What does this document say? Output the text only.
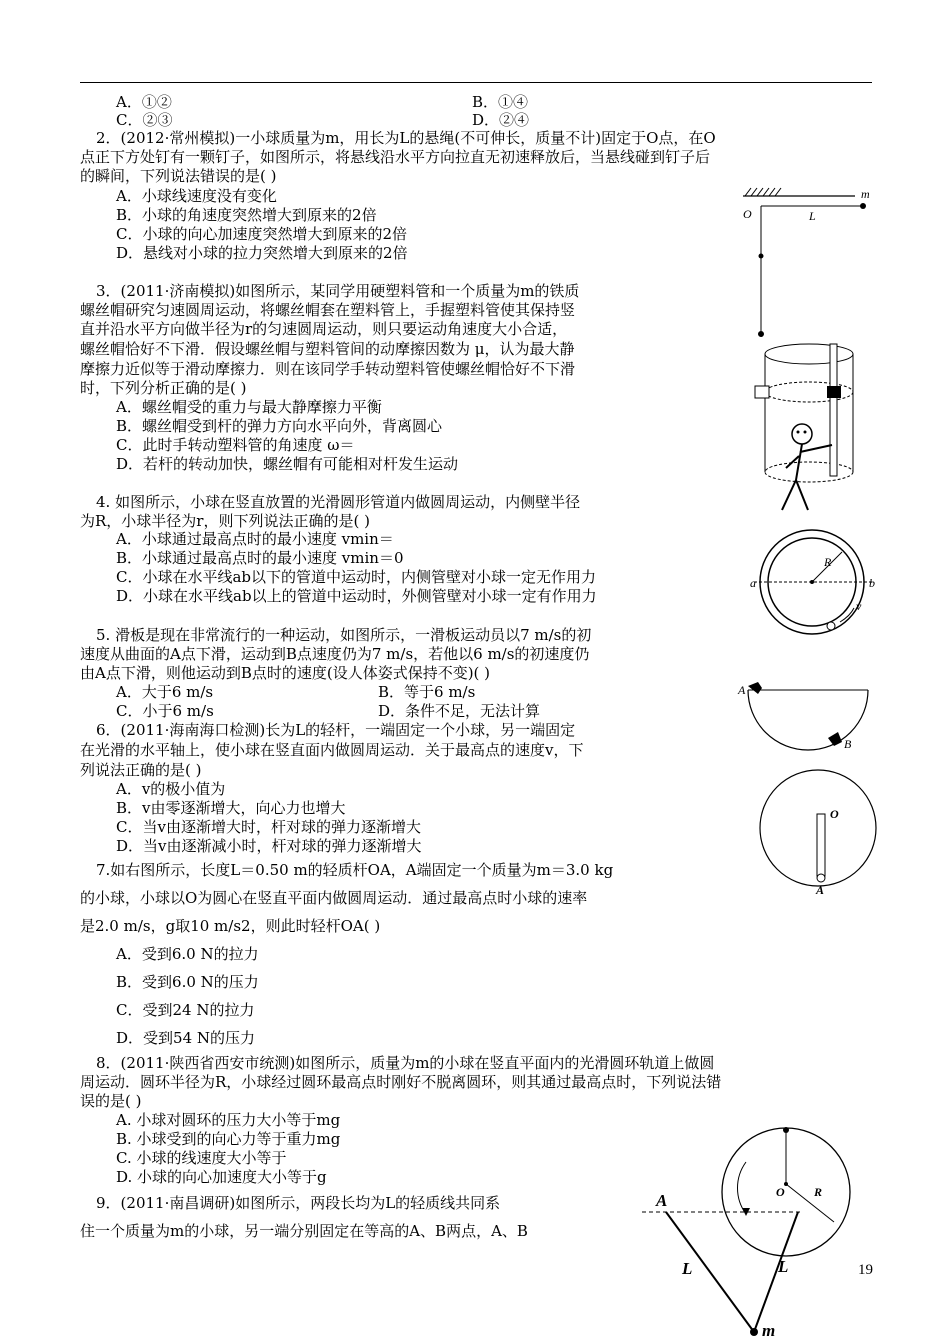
A．①②	B．①④
C．②③	D．②④
2．(2012·常州模拟)一小球质量为m，用长为L的悬绳(不可伸长，质量不计)固定于O点，在O
点正下方处钉有一颗钉子，如图所示，将悬线沿水平方向拉直无初速释放后，当悬线碰到钉子后
的瞬间，下列说法错误的是( )
A．小球线速度没有变化
B．小球的角速度突然增大到原来的2倍
C．小球的向心加速度突然增大到原来的2倍
D．悬线对小球的拉力突然增大到原来的2倍
O	L
m
3．(2011·济南模拟)如图所示，某同学用硬塑料管和一个质量为m的铁质
螺丝帽研究匀速圆周运动，将螺丝帽套在塑料管上，手握塑料管使其保持竖
直并沿水平方向做半径为r的匀速圆周运动，则只要运动角速度大小合适，
螺丝帽恰好不下滑．假设螺丝帽与塑料管间的动摩擦因数为 μ，认为最大静
摩擦力近似等于滑动摩擦力．则在该同学手转动塑料管使螺丝帽恰好不下滑
时，下列分析正确的是( )
A．螺丝帽受的重力与最大静摩擦力平衡
B．螺丝帽受到杆的弹力方向水平向外，背离圆心
C．此时手转动塑料管的角速度 ω＝
D．若杆的转动加快，螺丝帽有可能相对杆发生运动
4. 如图所示，小球在竖直放置的光滑圆形管道内做圆周运动，内侧壁半径
为R，小球半径为r，则下列说法正确的是( )
A．小球通过最高点时的最小速度 vmin＝
B．小球通过最高点时的最小速度 vmin＝0
C．小球在水平线ab以下的管道中运动时，内侧管壁对小球一定无作用力
D．小球在水平线ab以上的管道中运动时，外侧管壁对小球一定有作用力
a	b
R
v
5. 滑板是现在非常流行的一种运动，如图所示，一滑板运动员以7 m/s的初
速度从曲面的A点下滑，运动到B点速度仍为7 m/s，若他以6 m/s的初速度仍
由A点下滑，则他运动到B点时的速度(设人体姿式保持不变)( )
A．大于6 m/s	B．等于6 m/s
C．小于6 m/s	D．条件不足，无法计算
A
B
6．(2011·海南海口检测)长为L的轻杆，一端固定一个小球，另一端固定
在光滑的水平轴上，使小球在竖直面内做圆周运动．关于最高点的速度v，下
列说法正确的是( )
A．v的极小值为
B．v由零逐渐增大，向心力也增大
C．当v由逐渐增大时，杆对球的弹力逐渐增大
D．当v由逐渐减小时，杆对球的弹力逐渐增大
O
A
7.如右图所示，长度L＝0.50 m的轻质杆OA，A端固定一个质量为m＝3.0 kg
的小球，小球以O为圆心在竖直平面内做圆周运动．通过最高点时小球的速率
是2.0 m/s，g取10 m/s2，则此时轻杆OA( )
A．受到6.0 N的拉力
B．受到6.0 N的压力
C．受到24 N的拉力
D．受到54 N的压力
8．(2011·陕西省西安市统测)如图所示，质量为m的小球在竖直平面内的光滑圆环轨道上做圆
周运动．圆环半径为R，小球经过圆环最高点时刚好不脱离圆环，则其通过最高点时，下列说法错
误的是( )
A. 小球对圆环的压力大小等于mg
B. 小球受到的向心力等于重力mg
C. 小球的线速度大小等于
D. 小球的向心加速度大小等于g
O R
9．(2011·南昌调研)如图所示，两段长均为L的轻质线共同系
住一个质量为m的小球，另一端分别固定在等高的A、B两点，A、B
A
L	L
m
19
